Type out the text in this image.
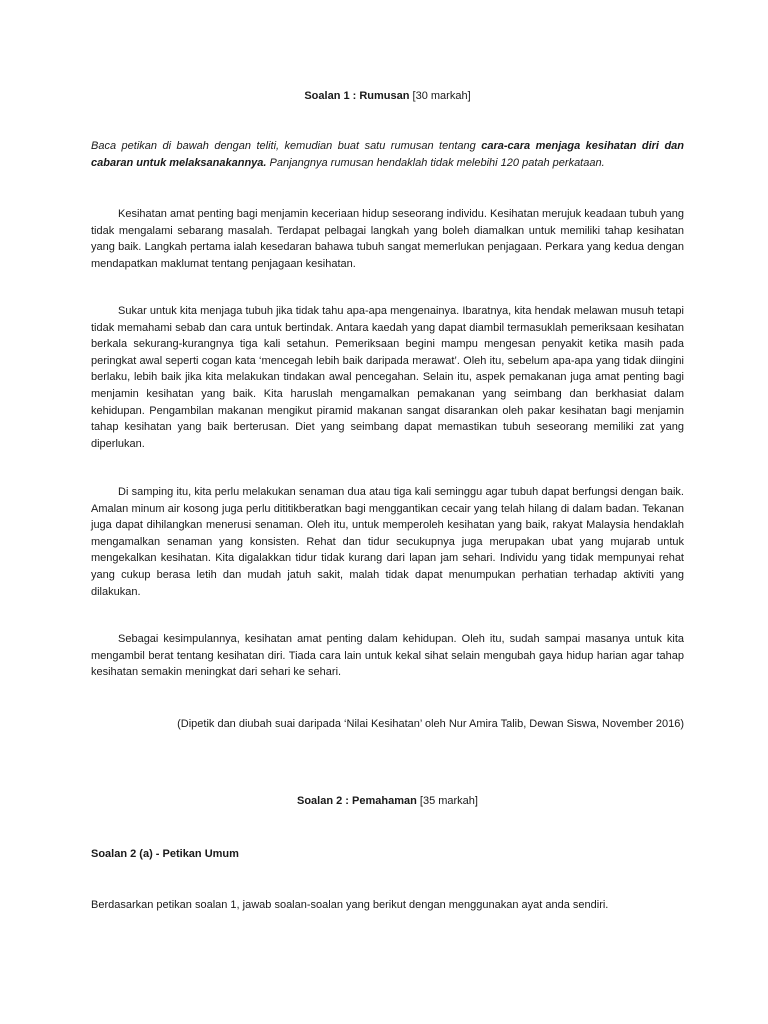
Soalan 1 : Rumusan [30 markah]
Baca petikan di bawah dengan teliti, kemudian buat satu rumusan tentang cara-cara menjaga kesihatan diri dan cabaran untuk melaksanakannya. Panjangnya rumusan hendaklah tidak melebihi 120 patah perkataan.
Kesihatan amat penting bagi menjamin keceriaan hidup seseorang individu. Kesihatan merujuk keadaan tubuh yang tidak mengalami sebarang masalah. Terdapat pelbagai langkah yang boleh diamalkan untuk memiliki tahap kesihatan yang baik. Langkah pertama ialah kesedaran bahawa tubuh sangat memerlukan penjagaan. Perkara yang kedua dengan mendapatkan maklumat tentang penjagaan kesihatan.
Sukar untuk kita menjaga tubuh jika tidak tahu apa-apa mengenainya. Ibaratnya, kita hendak melawan musuh tetapi tidak memahami sebab dan cara untuk bertindak. Antara kaedah yang dapat diambil termasuklah pemeriksaan kesihatan berkala sekurang-kurangnya tiga kali setahun. Pemeriksaan begini mampu mengesan penyakit ketika masih pada peringkat awal seperti cogan kata ‘mencegah lebih baik daripada merawat’. Oleh itu, sebelum apa-apa yang tidak diingini berlaku, lebih baik jika kita melakukan tindakan awal pencegahan. Selain itu, aspek pemakanan juga amat penting bagi menjamin kesihatan yang baik. Kita haruslah mengamalkan pemakanan yang seimbang dan berkhasiat dalam kehidupan. Pengambilan makanan mengikut piramid makanan sangat disarankan oleh pakar kesihatan bagi menjamin tahap kesihatan yang baik berterusan. Diet yang seimbang dapat memastikan tubuh seseorang memiliki zat yang diperlukan.
Di samping itu, kita perlu melakukan senaman dua atau tiga kali seminggu agar tubuh dapat berfungsi dengan baik. Amalan minum air kosong juga perlu dititikberatkan bagi menggantikan cecair yang telah hilang di dalam badan. Tekanan juga dapat dihilangkan menerusi senaman. Oleh itu, untuk memperoleh kesihatan yang baik, rakyat Malaysia hendaklah mengamalkan senaman yang konsisten. Rehat dan tidur secukupnya juga merupakan ubat yang mujarab untuk mengekalkan kesihatan. Kita digalakkan tidur tidak kurang dari lapan jam sehari. Individu yang tidak mempunyai rehat yang cukup berasa letih dan mudah jatuh sakit, malah tidak dapat menumpukan perhatian terhadap aktiviti yang dilakukan.
Sebagai kesimpulannya, kesihatan amat penting dalam kehidupan. Oleh itu, sudah sampai masanya untuk kita mengambil berat tentang kesihatan diri. Tiada cara lain untuk kekal sihat selain mengubah gaya hidup harian agar tahap kesihatan semakin meningkat dari sehari ke sehari.
(Dipetik dan diubah suai daripada ‘Nilai Kesihatan’ oleh Nur Amira Talib, Dewan Siswa, November 2016)
Soalan 2 : Pemahaman [35 markah]
Soalan 2 (a) - Petikan Umum
Berdasarkan petikan soalan 1, jawab soalan-soalan yang berikut dengan menggunakan ayat anda sendiri.
